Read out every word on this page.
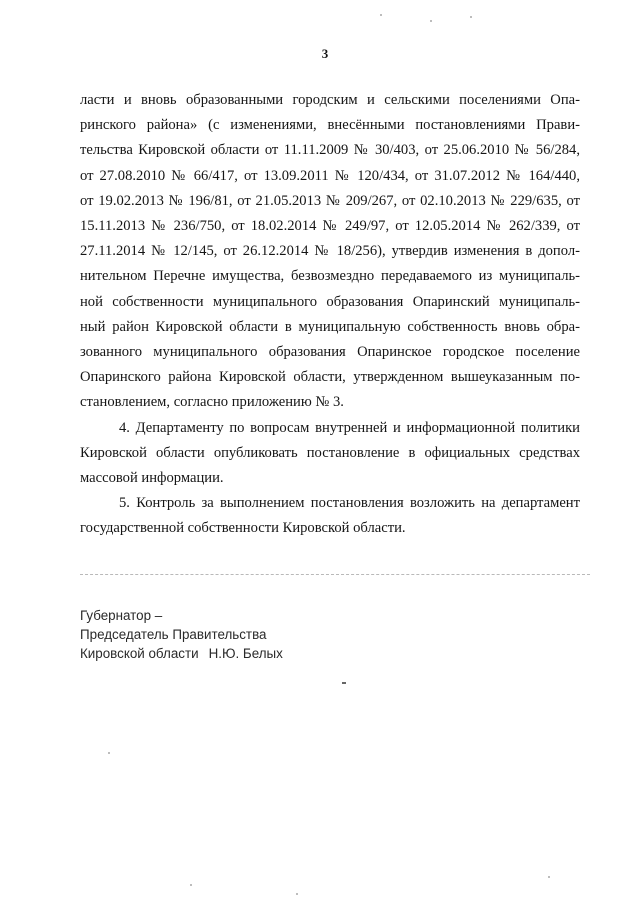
3

ласти и вновь образованными городским и сельскими поселениями Опа-
ринского района» (с изменениями, внесёнными постановлениями Прави-
тельства Кировской области от 11.11.2009 № 30/403, от 25.06.2010 № 56/284,
от 27.08.2010 № 66/417, от 13.09.2011 № 120/434, от 31.07.2012 № 164/440,
от 19.02.2013 № 196/81, от 21.05.2013 № 209/267, от 02.10.2013 № 229/635, от
15.11.2013 № 236/750, от 18.02.2014 № 249/97, от 12.05.2014 № 262/339, от
27.11.2014 № 12/145, от 26.12.2014 № 18/256), утвердив изменения в допол-
нительном Перечне имущества, безвозмездно передаваемого из муниципаль-
ной собственности муниципального образования Опаринский муниципаль-
ный район Кировской области в муниципальную собственность вновь обра-
зованного муниципального образования Опаринское городское поселение
Опаринского района Кировской области, утвержденном вышеуказанным по-
становлением, согласно приложению № 3.

4. Департаменту по вопросам внутренней и информационной политики Кировской области опубликовать постановление в официальных средствах массовой информации.

5. Контроль за выполнением постановления возложить на департамент государственной собственности Кировской области.

Губернатор –
Председатель Правительства
Кировской области Н.Ю. Белых
